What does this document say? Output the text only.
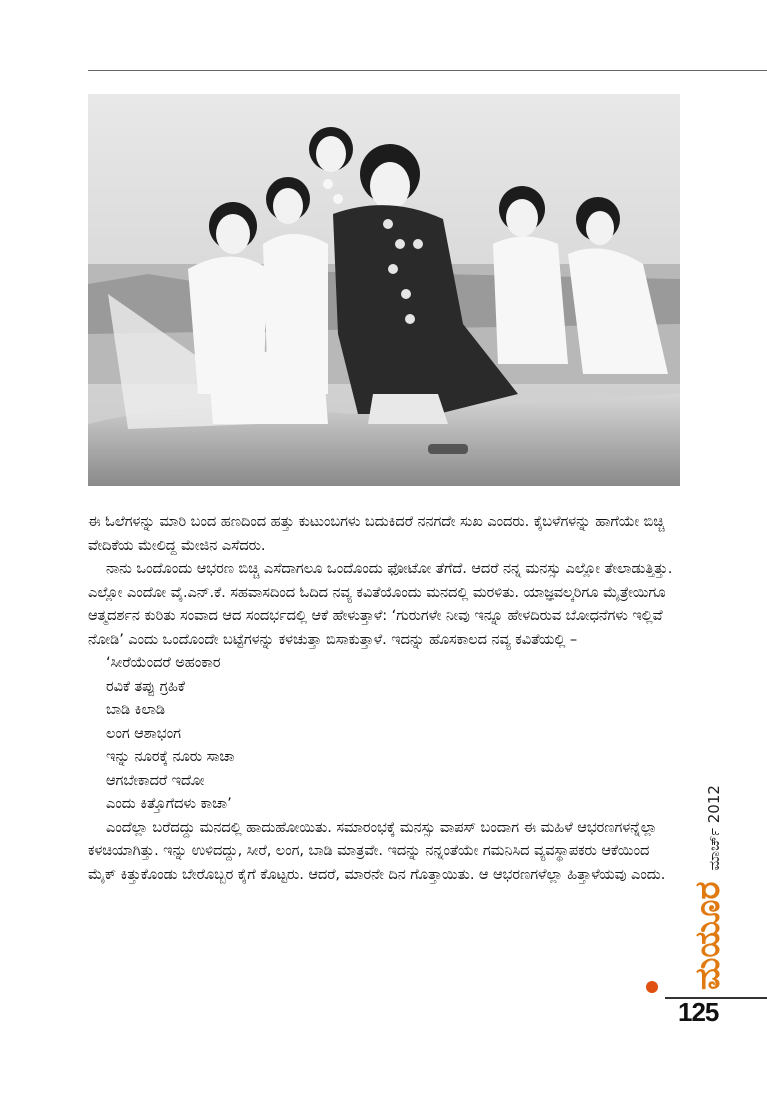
ಈ ಓಲೆಗಳನ್ನು ಮಾರಿ ಬಂದ ಹಣದಿಂದ ಹತ್ತು ಕುಟುಂಬಗಳು ಬದುಕಿದರೆ ನನಗದೇ ಸುಖ ಎಂದರು. ಕೈಬಳೆಗಳನ್ನು ಹಾಗೆಯೇ ಬಿಚ್ಚಿ ವೇದಿಕೆಯ ಮೇಲಿದ್ದ ಮೇಜಿನ ಎಸೆದರು.

ನಾನು ಒಂದೊಂದು ಆಭರಣ ಬಿಚ್ಚಿ ಎಸೆದಾಗಲೂ ಒಂದೊಂದು ಫೋಟೋ ತೆಗೆದೆ. ಆದರೆ ನನ್ನ ಮನಸ್ಸು ಎಲ್ಲೋ ತೇಲಾಡುತ್ತಿತ್ತು. ಎಲ್ಲೋ ಎಂದೋ ವೈ.ಎನ್.ಕೆ. ಸಹವಾಸದಿಂದ ಓದಿದ ನವ್ಯ ಕವಿತೆಯೊಂದು ಮನದಲ್ಲಿ ಮರಳಿತು. ಯಾಜ್ಞವಲ್ಕರಿಗೂ ಮೈತ್ರೇಯಿಗೂ ಆತ್ಮದರ್ಶನ ಕುರಿತು ಸಂವಾದ ಆದ ಸಂದರ್ಭದಲ್ಲಿ ಆಕೆ ಹೇಳುತ್ತಾಳೆ: ‘ಗುರುಗಳೇ ನೀವು ಇನ್ನೂ ಹೇಳದಿರುವ ಬೋಧನೆಗಳು ಇಲ್ಲಿವೆ ನೋಡಿ’ ಎಂದು ಒಂದೊಂದೇ ಬಟ್ಟೆಗಳನ್ನು ಕಳಚುತ್ತಾ ಬಿಸಾಕುತ್ತಾಳೆ. ಇದನ್ನು ಹೊಸಕಾಲದ ನವ್ಯ ಕವಿತೆಯಲ್ಲಿ –

‘ಸೀರೆಯೆಂದರೆ ಅಹಂಕಾರ

ರವಿಕೆ ತಪ್ಪು ಗ್ರಹಿಕೆ

ಬಾಡಿ ಕಿಲಾಡಿ

ಲಂಗ ಆಶಾಭಂಗ

ಇನ್ನು ನೂರಕ್ಕೆ ನೂರು ಸಾಚಾ

ಆಗಬೇಕಾದರೆ ಇದೋ

ಎಂದು ಕಿತ್ತೊಗೆದಳು ಕಾಚಾ’

ಎಂದೆಲ್ಲಾ ಬರೆದದ್ದು ಮನದಲ್ಲಿ ಹಾದುಹೋಯಿತು. ಸಮಾರಂಭಕ್ಕೆ ಮನಸ್ಸು ವಾಪಸ್ ಬಂದಾಗ ಈ ಮಹಿಳೆ ಆಭರಣಗಳನ್ನೆಲ್ಲಾ ಕಳಚಿಯಾಗಿತ್ತು. ಇನ್ನು ಉಳಿದದ್ದು, ಸೀರೆ, ಲಂಗ, ಬಾಡಿ ಮಾತ್ರವೇ. ಇದನ್ನು ನನ್ನಂತೆಯೇ ಗಮನಿಸಿದ ವ್ಯವಸ್ಥಾಪಕರು ಆಕೆಯಿಂದ ಮೈಕ್ ಕಿತ್ತುಕೊಂಡು ಬೇರೊಬ್ಬರ ಕೈಗೆ ಕೊಟ್ಟರು. ಆದರೆ, ಮಾರನೇ ದಿನ ಗೊತ್ತಾಯಿತು. ಆ ಆಭರಣಗಳೆಲ್ಲಾ ಹಿತ್ತಾಳೆಯವು ಎಂದು.

ಮಯೂರ ಮಾರ್ಚ್ 2012
125
